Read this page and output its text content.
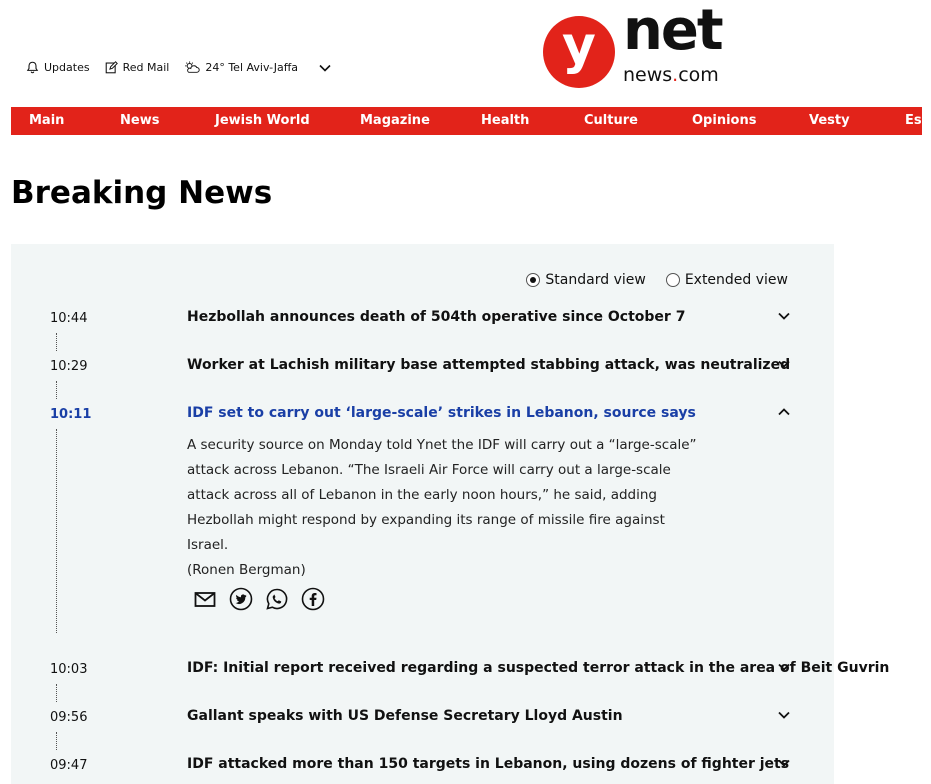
Updates	Red Mail	24° Tel Aviv-Jaffa	y net
news.com
Main	News	Jewish World	Magazine	Health	Culture	Opinions	Vesty	Esp
Breaking News
Standard view	Extended view
10:44	Hezbollah announces death of 504th operative since October 7
10:29	Worker at Lachish military base attempted stabbing attack, was neutralized
10:11	IDF set to carry out ‘large-scale’ strikes in Lebanon, source says
A security source on Monday told Ynet the IDF will carry out a “large-scale”
attack across Lebanon. “The Israeli Air Force will carry out a large-scale
attack across all of Lebanon in the early noon hours,” he said, adding
Hezbollah might respond by expanding its range of missile fire against
Israel.
(Ronen Bergman)
10:03	IDF: Initial report received regarding a suspected terror attack in the area of Beit Guvrin
09:56	Gallant speaks with US Defense Secretary Lloyd Austin
09:47	IDF attacked more than 150 targets in Lebanon, using dozens of fighter jets
